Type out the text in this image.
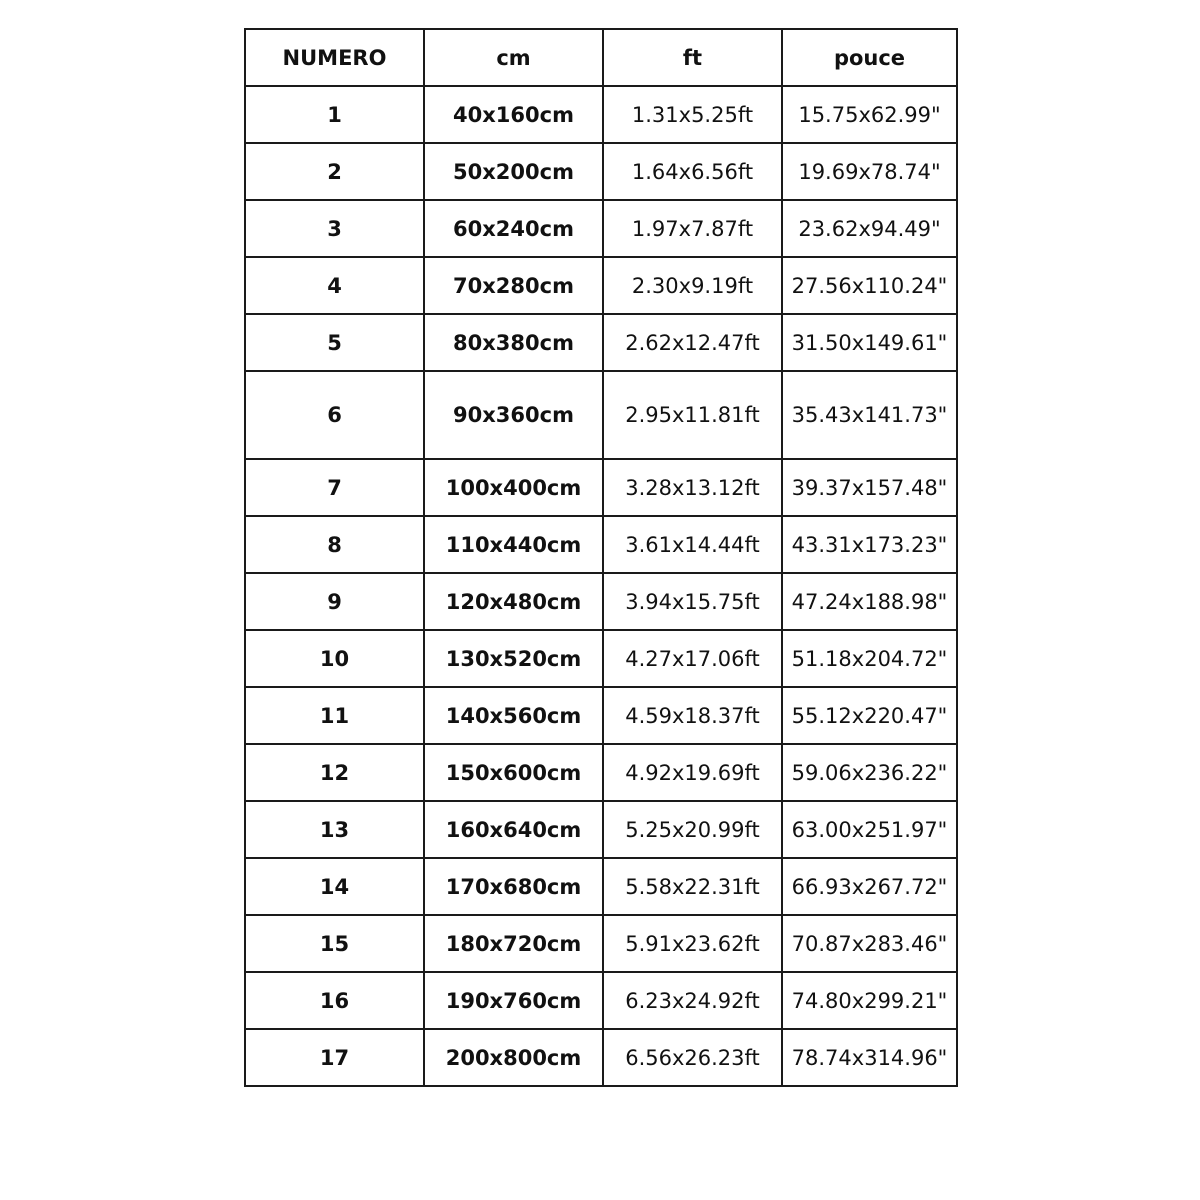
NUMERO	cm	ft	pouce
1	40x160cm	1.31x5.25ft	15.75x62.99"
2	50x200cm	1.64x6.56ft	19.69x78.74"
3	60x240cm	1.97x7.87ft	23.62x94.49"
4	70x280cm	2.30x9.19ft	27.56x110.24"
5	80x380cm	2.62x12.47ft	31.50x149.61"
6	90x360cm	2.95x11.81ft	35.43x141.73"
7	100x400cm	3.28x13.12ft	39.37x157.48"
8	110x440cm	3.61x14.44ft	43.31x173.23"
9	120x480cm	3.94x15.75ft	47.24x188.98"
10	130x520cm	4.27x17.06ft	51.18x204.72"
11	140x560cm	4.59x18.37ft	55.12x220.47"
12	150x600cm	4.92x19.69ft	59.06x236.22"
13	160x640cm	5.25x20.99ft	63.00x251.97"
14	170x680cm	5.58x22.31ft	66.93x267.72"
15	180x720cm	5.91x23.62ft	70.87x283.46"
16	190x760cm	6.23x24.92ft	74.80x299.21"
17	200x800cm	6.56x26.23ft	78.74x314.96"
